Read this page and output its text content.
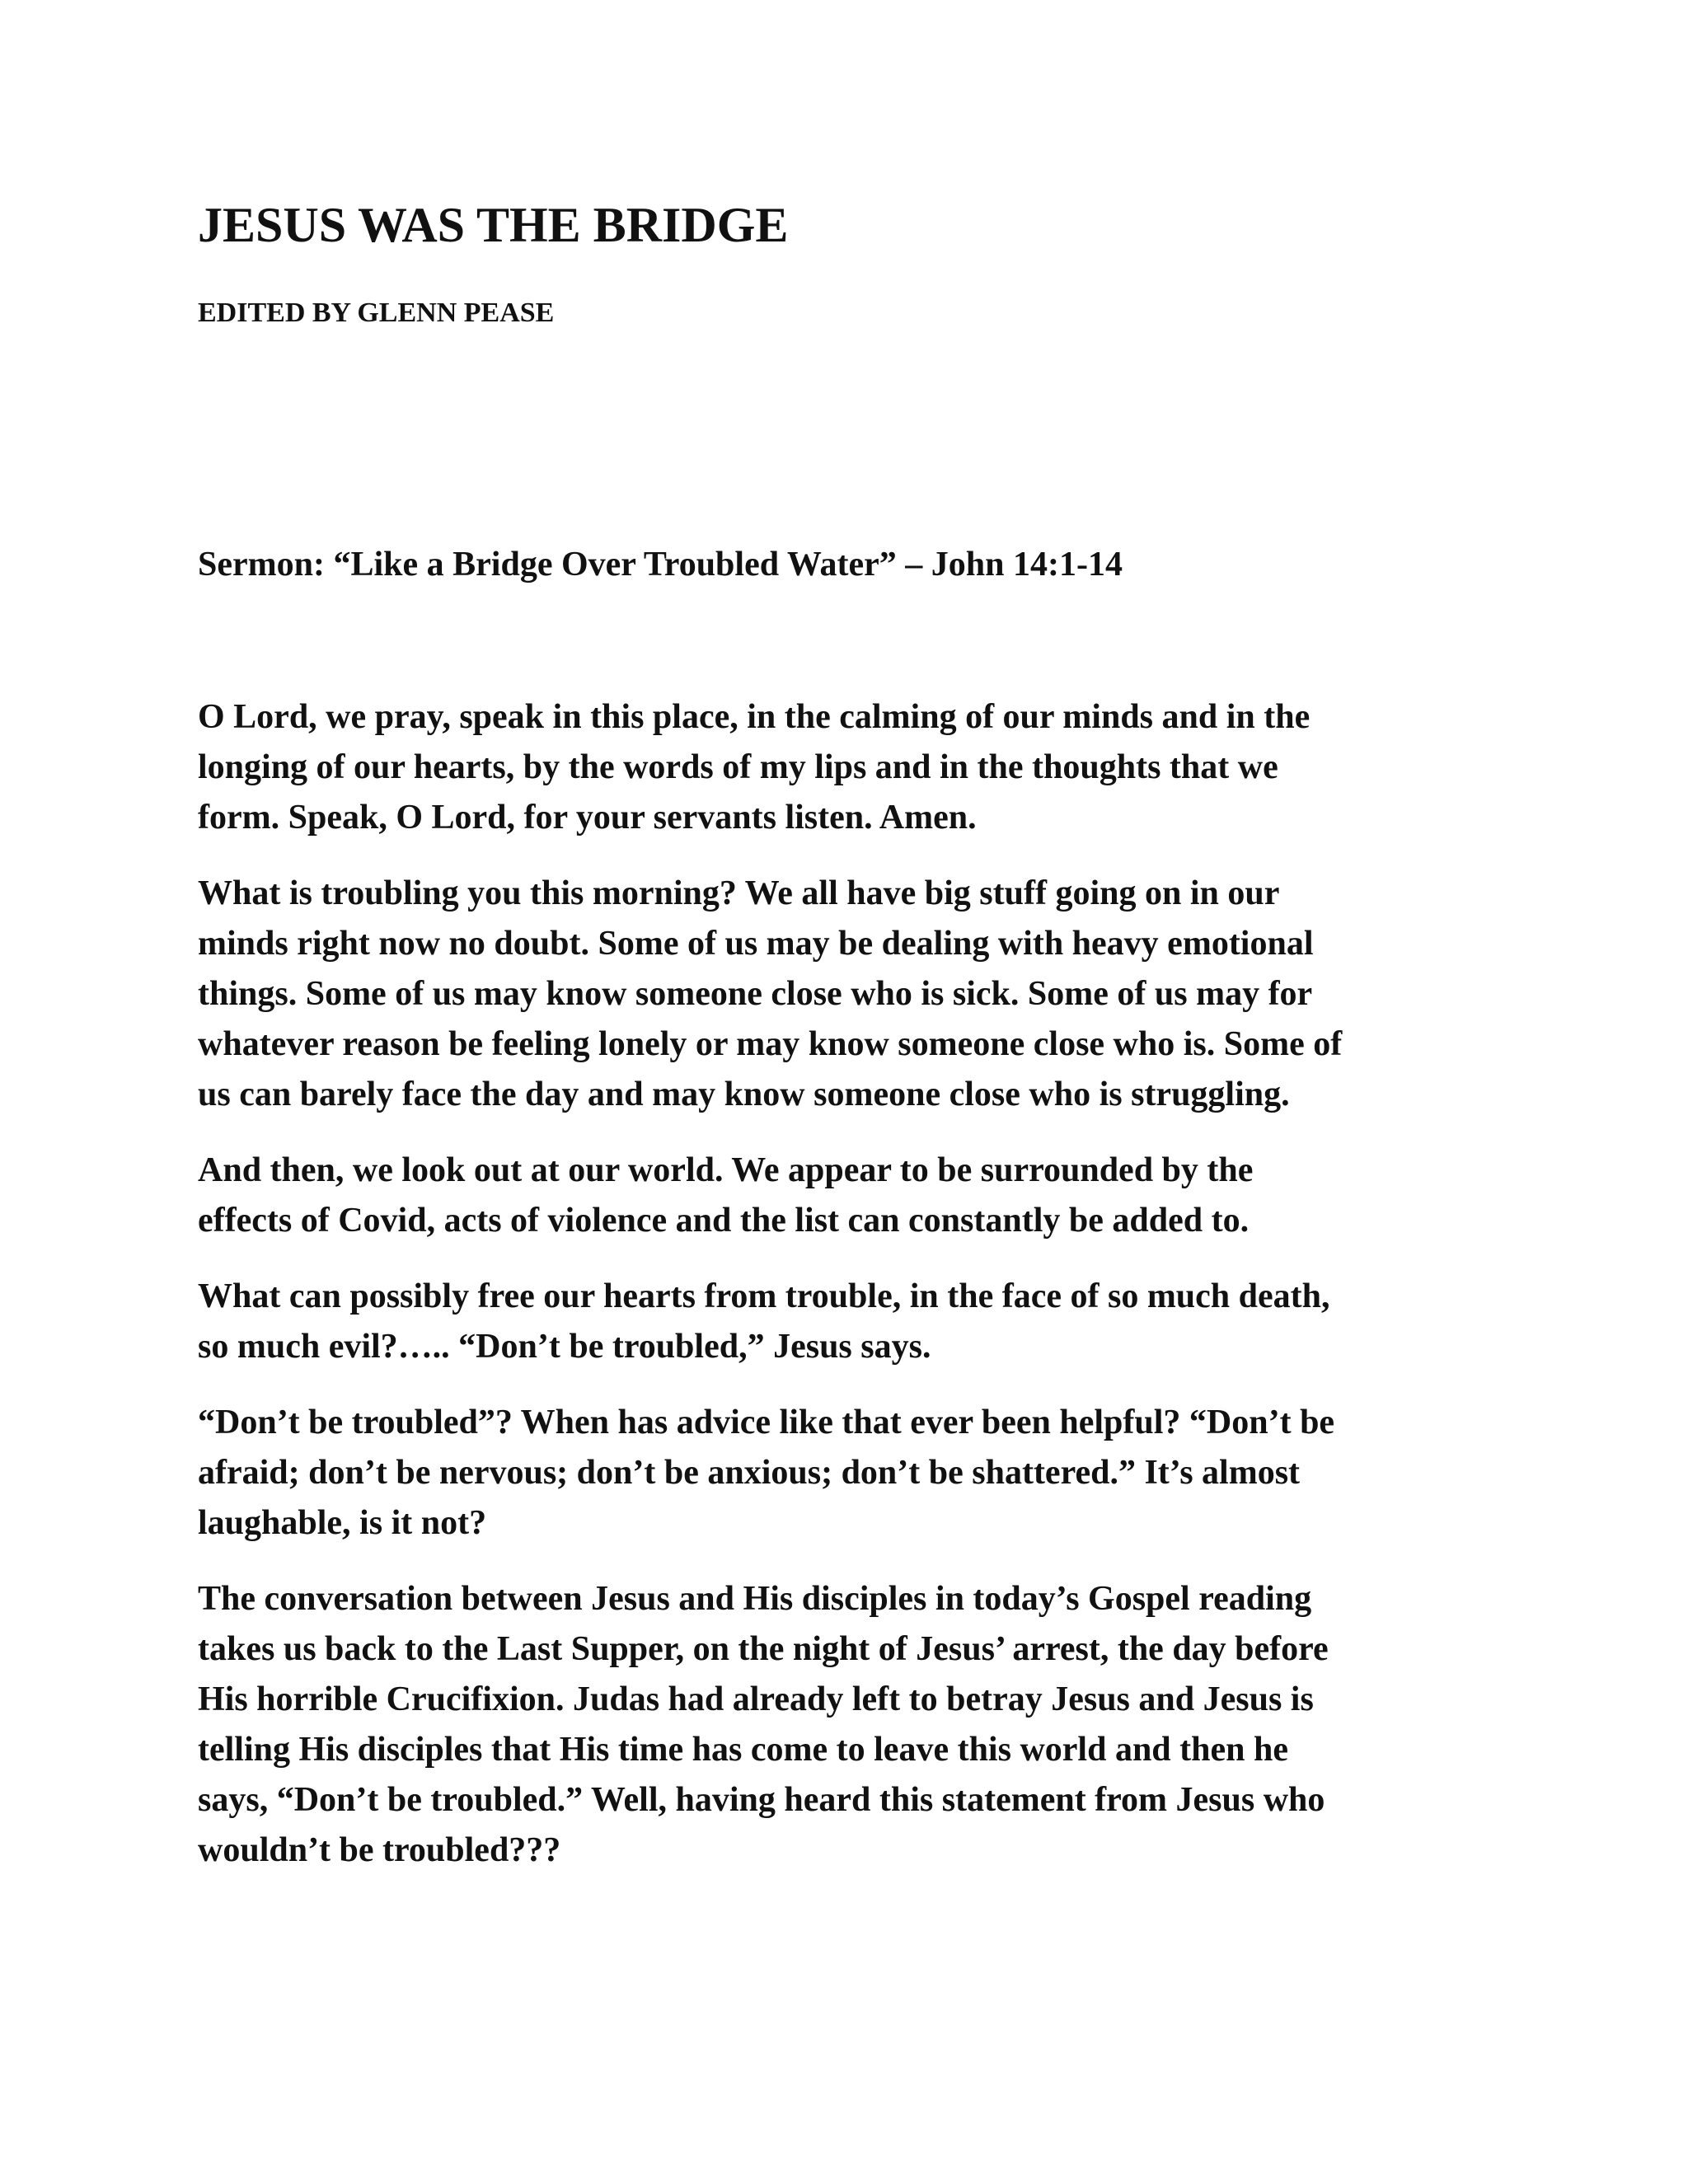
JESUS WAS THE BRIDGE
EDITED BY GLENN PEASE
Sermon: “Like a Bridge Over Troubled Water” – John 14:1-14

O Lord, we pray, speak in this place, in the calming of our minds and in the
longing of our hearts, by the words of my lips and in the thoughts that we
form. Speak, O Lord, for your servants listen. Amen.

What is troubling you this morning? We all have big stuff going on in our
minds right now no doubt. Some of us may be dealing with heavy emotional
things. Some of us may know someone close who is sick. Some of us may for
whatever reason be feeling lonely or may know someone close who is. Some of
us can barely face the day and may know someone close who is struggling.

And then, we look out at our world. We appear to be surrounded by the
effects of Covid, acts of violence and the list can constantly be added to.

What can possibly free our hearts from trouble, in the face of so much death,
so much evil?….. “Don’t be troubled,” Jesus says.

“Don’t be troubled”? When has advice like that ever been helpful? “Don’t be
afraid; don’t be nervous; don’t be anxious; don’t be shattered.” It’s almost
laughable, is it not?

The conversation between Jesus and His disciples in today’s Gospel reading
takes us back to the Last Supper, on the night of Jesus’ arrest, the day before
His horrible Crucifixion. Judas had already left to betray Jesus and Jesus is
telling His disciples that His time has come to leave this world and then he
says, “Don’t be troubled.” Well, having heard this statement from Jesus who
wouldn’t be troubled???
